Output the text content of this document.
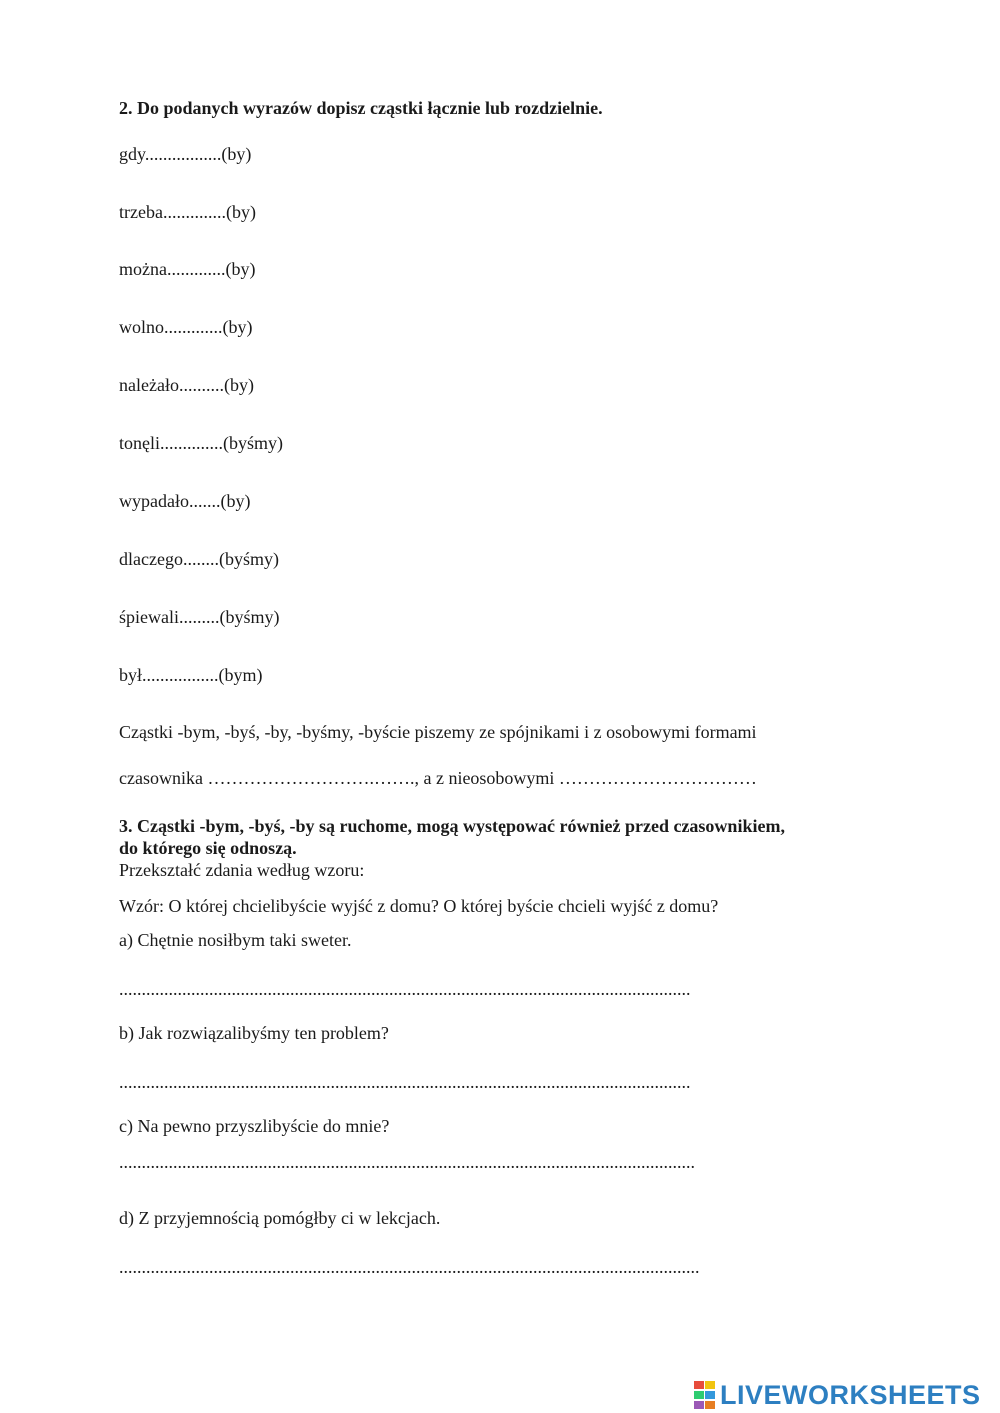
2. Do podanych wyrazów dopisz cząstki łącznie lub rozdzielnie.
gdy.................(by)
trzeba..............(by)
można.............(by)
wolno.............(by)
należało..........(by)
tonęli..............(byśmy)
wypadało.......(by)
dlaczego........(byśmy)
śpiewali.........(byśmy)
był.................(bym)
Cząstki -bym, -byś, -by, -byśmy, -byście piszemy ze spójnikami i z osobowymi formami
czasownika ……………………….……., a z nieosobowymi ……………………………
3. Cząstki -bym, -byś, -by są ruchome, mogą występować również przed czasownikiem,
do którego się odnoszą.
Przekształć zdania według wzoru:
Wzór: O której chcielibyście wyjść z domu? O której byście chcieli wyjść z domu?
a) Chętnie nosiłbym taki sweter.
...............................................................................................................................
b) Jak rozwiązalibyśmy ten problem?
...............................................................................................................................
c) Na pewno przyszlibyście do mnie?
................................................................................................................................
d) Z przyjemnością pomógłby ci w lekcjach.
.................................................................................................................................
LIVEWORKSHEETS
